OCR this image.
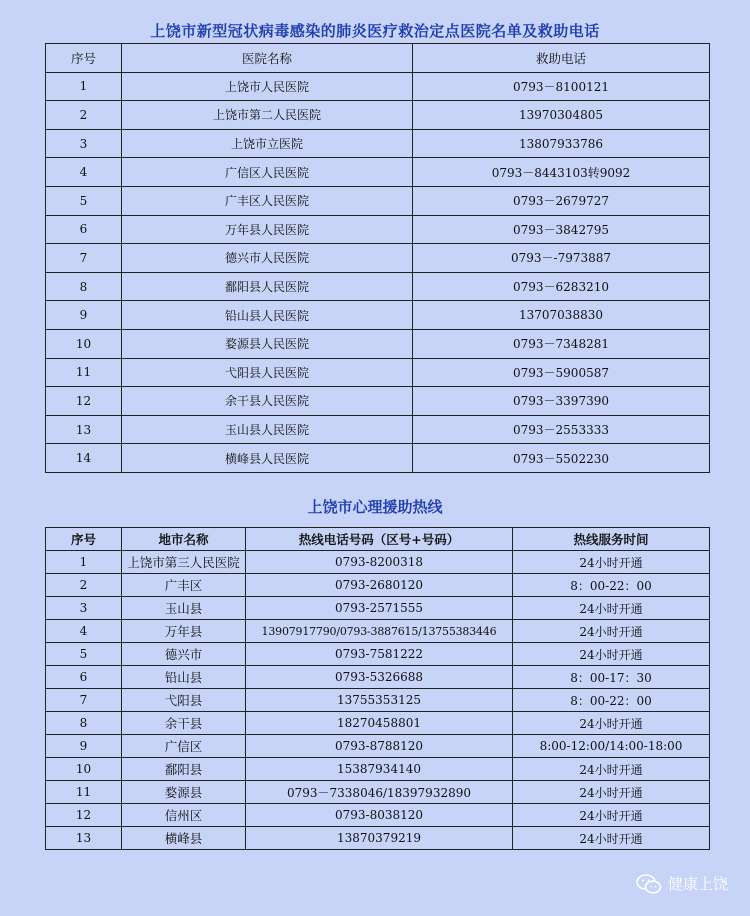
上饶市新型冠状病毒感染的肺炎医疗救治定点医院名单及救助电话
序号	医院名称	救助电话
1	上饶市人民医院	0793－8100121
2	上饶市第二人民医院	13970304805
3	上饶市立医院	13807933786
4	广信区人民医院	0793－8443103转9092
5	广丰区人民医院	0793－2679727
6	万年县人民医院	0793－3842795
7	德兴市人民医院	0793－-7973887
8	鄱阳县人民医院	0793－6283210
9	铅山县人民医院	13707038830
10	婺源县人民医院	0793－7348281
11	弋阳县人民医院	0793－5900587
12	余干县人民医院	0793－3397390
13	玉山县人民医院	0793－2553333
14	横峰县人民医院	0793－5502230
上饶市心理援助热线
序号	地市名称	热线电话号码（区号+号码）	热线服务时间
1	上饶市第三人民医院	0793-8200318	24小时开通
2	广丰区	0793-2680120	8：00-22：00
3	玉山县	0793-2571555	24小时开通
4	万年县	13907917790/0793-3887615/13755383446	24小时开通
5	德兴市	0793-7581222	24小时开通
6	铅山县	0793-5326688	8：00-17：30
7	弋阳县	13755353125	8：00-22：00
8	余干县	18270458801	24小时开通
9	广信区	0793-8788120	8:00-12:00/14:00-18:00
10	鄱阳县	15387934140	24小时开通
11	婺源县	0793－7338046/18397932890	24小时开通
12	信州区	0793-8038120	24小时开通
13	横峰县	13870379219	24小时开通
健康上饶
